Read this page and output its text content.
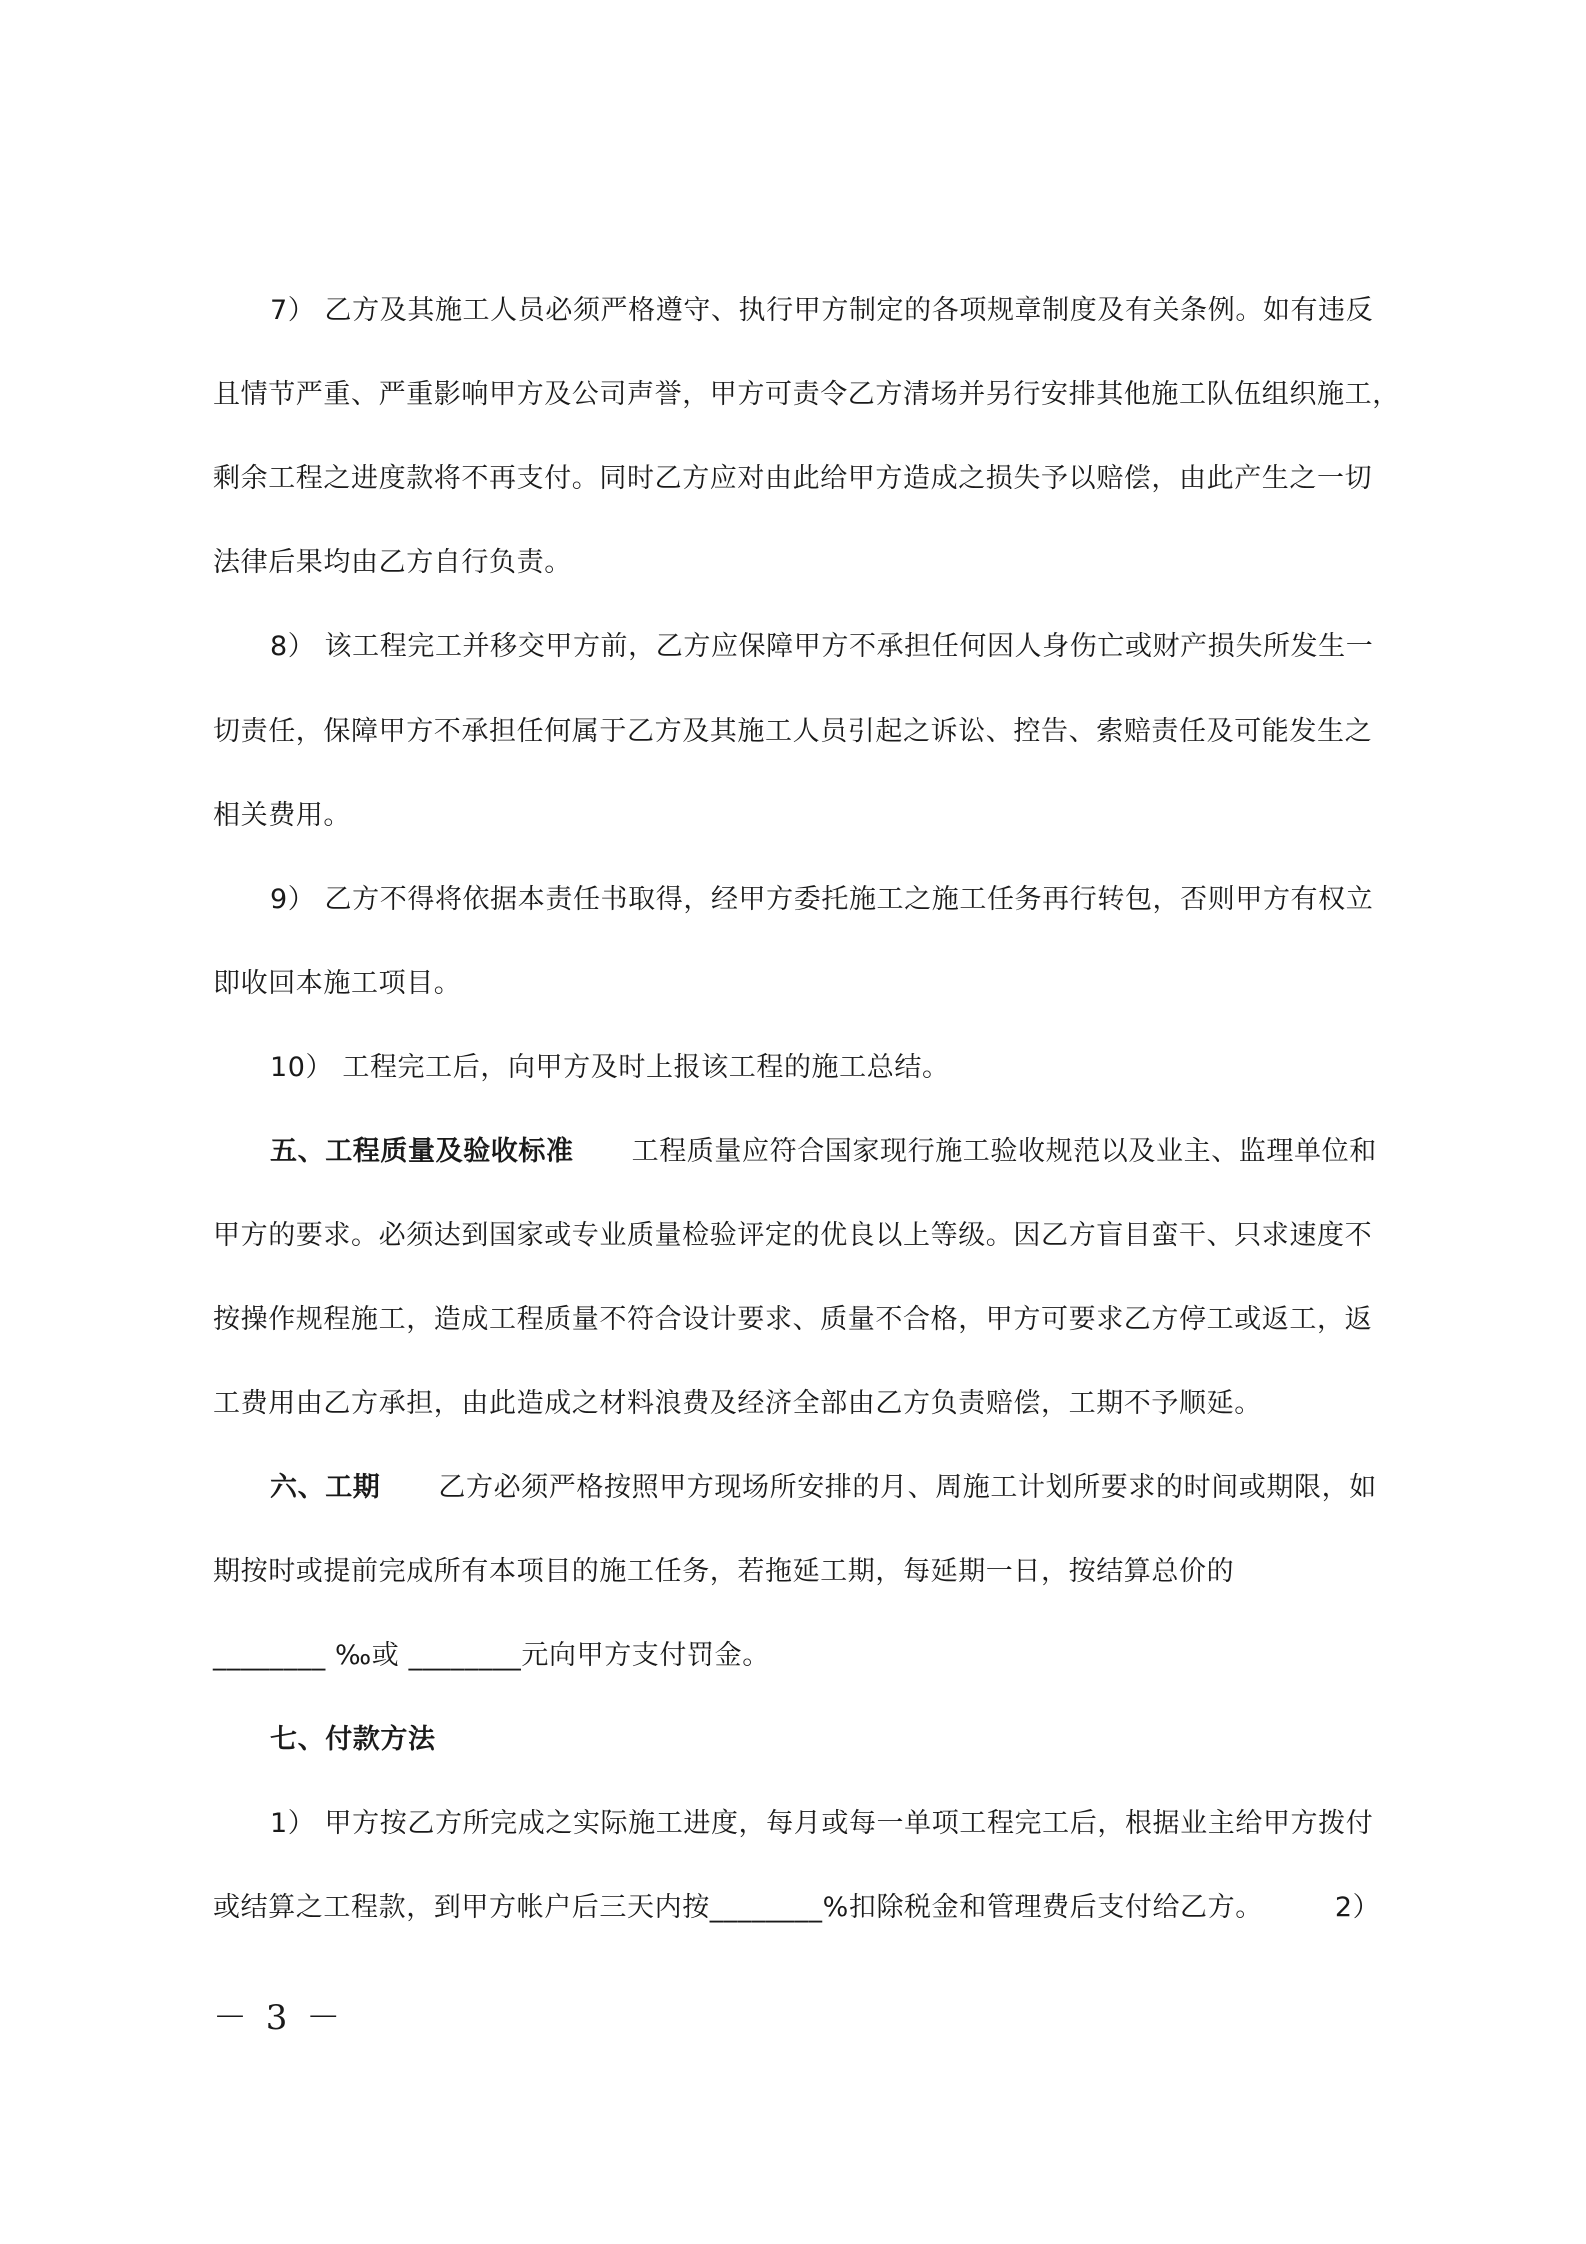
7） 乙方及其施工人员必须严格遵守、执行甲方制定的各项规章制度及有关条例。如有违反
且情节严重、严重影响甲方及公司声誉，甲方可责令乙方清场并另行安排其他施工队伍组织施工，
剩余工程之进度款将不再支付。同时乙方应对由此给甲方造成之损失予以赔偿，由此产生之一切
法律后果均由乙方自行负责。
8） 该工程完工并移交甲方前，乙方应保障甲方不承担任何因人身伤亡或财产损失所发生一
切责任，保障甲方不承担任何属于乙方及其施工人员引起之诉讼、控告、索赔责任及可能发生之
相关费用。
9） 乙方不得将依据本责任书取得，经甲方委托施工之施工任务再行转包，否则甲方有权立
即收回本施工项目。
10） 工程完工后，向甲方及时上报该工程的施工总结。
五、工程质量及验收标准 工程质量应符合国家现行施工验收规范以及业主、监理单位和
甲方的要求。必须达到国家或专业质量检验评定的优良以上等级。因乙方盲目蛮干、只求速度不
按操作规程施工，造成工程质量不符合设计要求、质量不合格，甲方可要求乙方停工或返工，返
工费用由乙方承担，由此造成之材料浪费及经济全部由乙方负责赔偿，工期不予顺延。
六、工期 乙方必须严格按照甲方现场所安排的月、周施工计划所要求的时间或期限，如
期按时或提前完成所有本项目的施工任务，若拖延工期，每延期一日，按结算总价的
________ ‰或 ________元向甲方支付罚金。
七、付款方法
1） 甲方按乙方所完成之实际施工进度，每月或每一单项工程完工后，根据业主给甲方拨付
或结算之工程款，到甲方帐户后三天内按________%扣除税金和管理费后支付给乙方。	2）
－ 3 －
